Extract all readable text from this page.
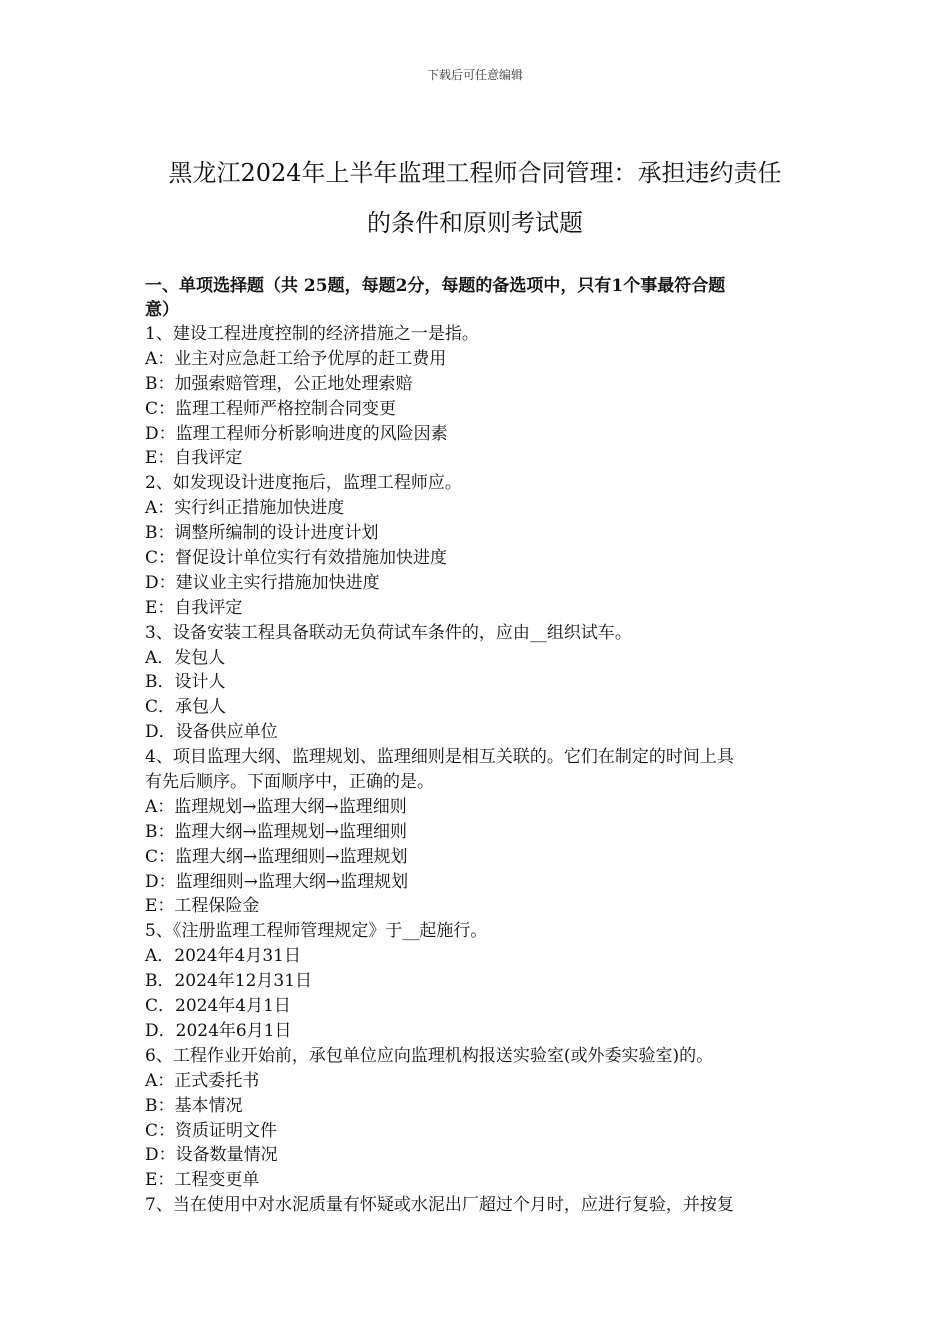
下载后可任意编辑
黑龙江2024年上半年监理工程师合同管理：承担违约责任
的条件和原则考试题
一、单项选择题（共 25题，每题2分，每题的备选项中，只有1个事最符合题
意）
1、建设工程进度控制的经济措施之一是指。
A：业主对应急赶工给予优厚的赶工费用
B：加强索赔管理，公正地处理索赔
C：监理工程师严格控制合同变更
D：监理工程师分析影响进度的风险因素
E：自我评定
2、如发现设计进度拖后，监理工程师应。
A：实行纠正措施加快进度
B：调整所编制的设计进度计划
C：督促设计单位实行有效措施加快进度
D：建议业主实行措施加快进度
E：自我评定
3、设备安装工程具备联动无负荷试车条件的，应由__组织试车。
A．发包人
B．设计人
C．承包人
D．设备供应单位
4、项目监理大纲、监理规划、监理细则是相互关联的。它们在制定的时间上具
有先后顺序。下面顺序中，正确的是。
A：监理规划→监理大纲→监理细则
B：监理大纲→监理规划→监理细则
C：监理大纲→监理细则→监理规划
D：监理细则→监理大纲→监理规划
E：工程保险金
5、《注册监理工程师管理规定》于__起施行。
A．2024年4月31日
B．2024年12月31日
C．2024年4月1日
D．2024年6月1日
6、工程作业开始前，承包单位应向监理机构报送实验室(或外委实验室)的。
A：正式委托书
B：基本情况
C：资质证明文件
D：设备数量情况
E：工程变更单
7、当在使用中对水泥质量有怀疑或水泥出厂超过个月时，应进行复验，并按复
